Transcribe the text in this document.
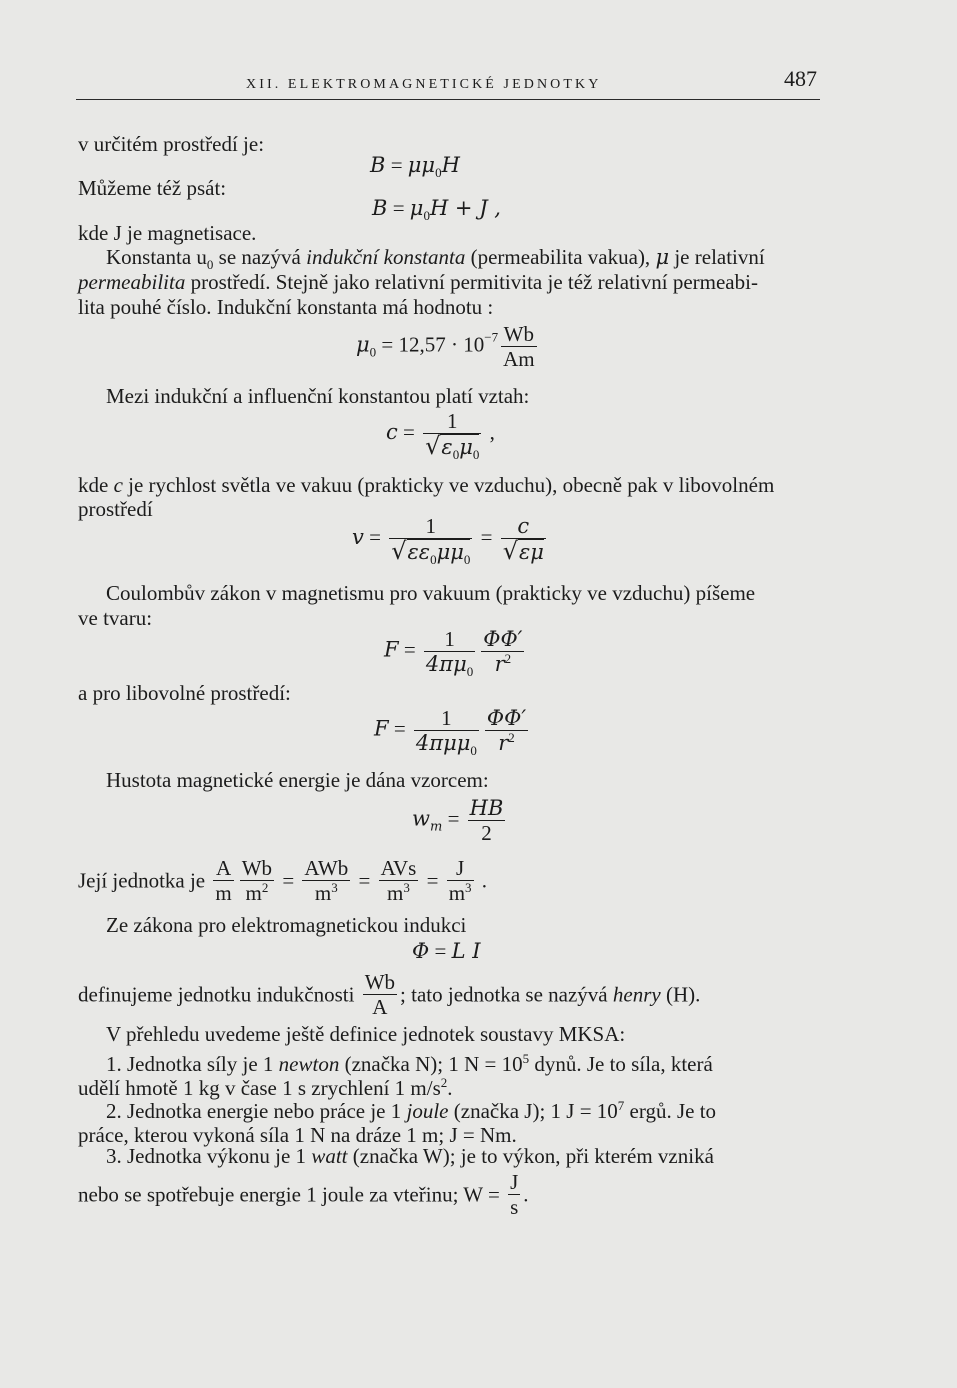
XII. ELEKTROMAGNETICKÉ JEDNOTKY	487
v určitém prostředí je:
$B = \mu\mu_0H$
Můžeme též psát:
$B = \mu_0H + J$ ,
kde J je magnetisace.
Konstanta $u_0$ se nazývá indukční konstanta (permeabilita vakua), μ je relativní
permeabilita prostředí. Stejně jako relativní permitivita je též relativní permeabi-
lita pouhé číslo. Indukční konstanta má hodnotu :
$\mu_0 = 12,57 \cdot 10^{-7} \frac{Wb}{Am}$
Mezi indukční a influenční konstantou platí vztah:
$c = \frac{1}{√\varepsilon_0\mu_0}$ ,
kde c je rychlost světla ve vakuu (prakticky ve vzduchu), obecně pak v libovolném
prostředí
$v = \frac{1}{√\varepsilon\varepsilon_0\mu\mu_0} = \frac{c}{√\varepsilon\mu}$
Coulombův zákon v magnetismu pro vakuum (prakticky ve vzduchu) píšeme
ve tvaru:
$F = \frac{1}{4\pi\mu_0} \frac{\Phi\Phi'}{r^2}$
a pro libovolné prostředí:
$F = \frac{1}{4\pi\mu\mu_0} \frac{\Phi\Phi'}{r^2}$
Hustota magnetické energie je dána vzorcem:
$w_m = \frac{HB}{2}$
Její jednotka je $\frac{A}{m} \frac{Wb}{m^2} = \frac{\text{AWb}}{m^3} = \frac{\text{AVs}}{m^3} = \frac{J}{m^3}$ .
Ze zákona pro elektromagnetickou indukci
Φ = L I
definujeme jednotku indukčnosti $\frac{Wb}{A}$ ; tato jednotka se nazývá henry (H).
V přehledu uvedeme ještě definice jednotek soustavy MKSA:
1. Jednotka síly je 1 newton (značka N); 1 $N = 10^5$ dynů. Je to síla, která
udělí hmotě 1 kg v čase 1 s zrychlení 1 $m/s^2$.
2. Jednotka energie nebo práce je 1 joule (značka J); 1 $J = 10^7$ ergů. Je to
práce, kterou vykoná síla 1 N na dráze 1 m; J = Nm.
3. Jednotka výkonu je 1 watt (značka W); je to výkon, při kterém vzniká
nebo se spotřebuje energie 1 joule za vteřinu; $W = \frac{J}{s}$ .
